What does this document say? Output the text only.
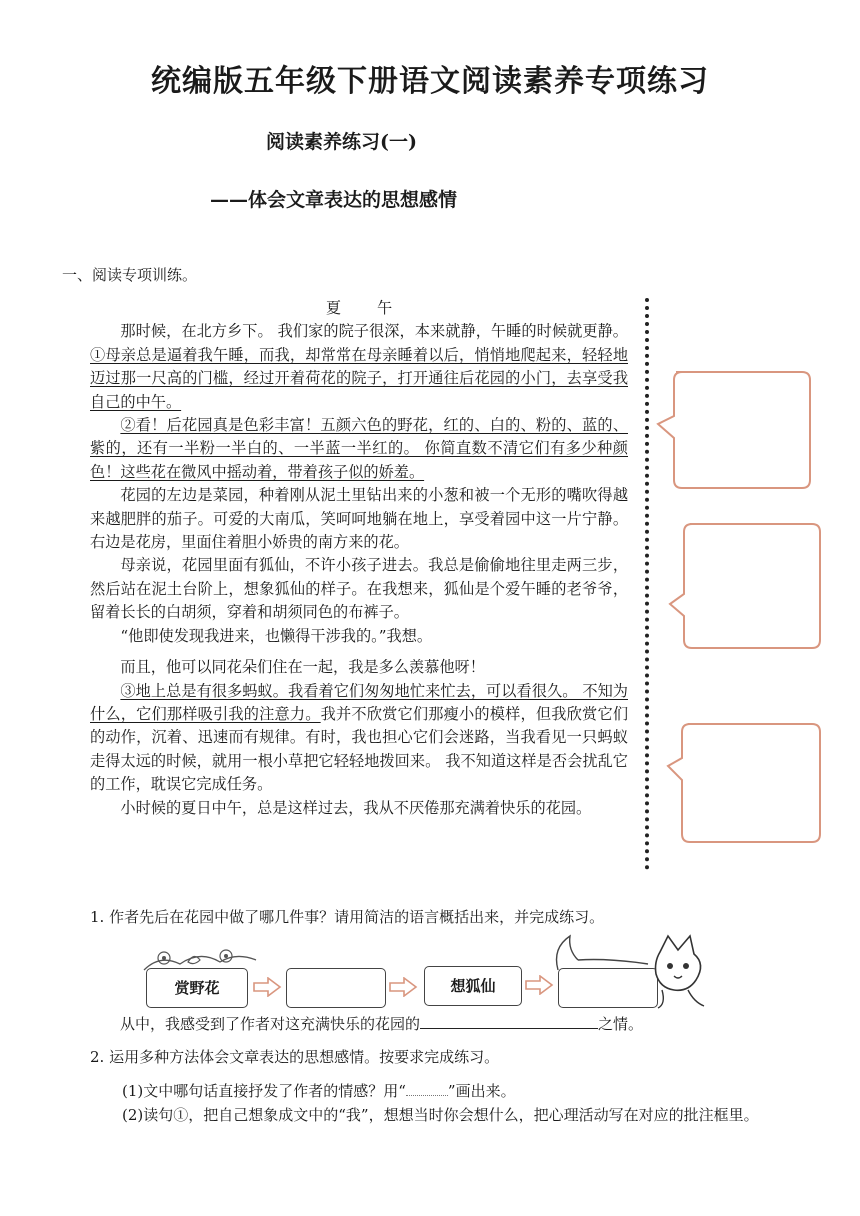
统编版五年级下册语文阅读素养专项练习
阅读素养练习(一)
——体会文章表达的思想感情
一、阅读专项训练。

夏午

那时候，在北方乡下。 我们家的院子很深，本来就静，午睡的时候就更静。①母亲总是逼着我午睡，而我，却常常在母亲睡着以后，悄悄地爬起来，轻轻地迈过那一尺高的门槛，经过开着荷花的院子，打开通往后花园的小门，去享受我自己的中午。

②看！后花园真是色彩丰富！五颜六色的野花，红的、白的、粉的、蓝的、紫的，还有一半粉一半白的、一半蓝一半红的。 你简直数不清它们有多少种颜色！这些花在微风中摇动着，带着孩子似的娇羞。

花园的左边是菜园，种着刚从泥土里钻出来的小葱和被一个无形的嘴吹得越来越肥胖的茄子。可爱的大南瓜，笑呵呵地躺在地上，享受着园中这一片宁静。右边是花房，里面住着胆小娇贵的南方来的花。

母亲说，花园里面有狐仙，不许小孩子进去。我总是偷偷地往里走两三步，然后站在泥土台阶上，想象狐仙的样子。在我想来，狐仙是个爱午睡的老爷爷，留着长长的白胡须，穿着和胡须同色的布裤子。

“他即使发现我进来，也懒得干涉我的。”我想。

而且，他可以同花朵们住在一起，我是多么羡慕他呀！

③地上总是有很多蚂蚁。我看着它们匆匆地忙来忙去，可以看很久。 不知为什么，它们那样吸引我的注意力。我并不欣赏它们那瘦小的模样，但我欣赏它们的动作，沉着、迅速而有规律。有时，我也担心它们会迷路，当我看见一只蚂蚁走得太远的时候，就用一根小草把它轻轻地拨回来。 我不知道这样是否会扰乱它的工作，耽误它完成任务。

小时候的夏日中午，总是这样过去，我从不厌倦那充满着快乐的花园。

1. 作者先后在花园中做了哪几件事？请用简洁的语言概括出来，并完成练习。
赏野花	想狐仙
从中，我感受到了作者对这充满快乐的花园的	之情。
2. 运用多种方法体会文章表达的思想感情。按要求完成练习。
(1)文中哪句话直接抒发了作者的情感？用“	”画出来。
(2)读句①，把自己想象成文中的“我”，想想当时你会想什么，把心理活动写在对应的批注框里。
